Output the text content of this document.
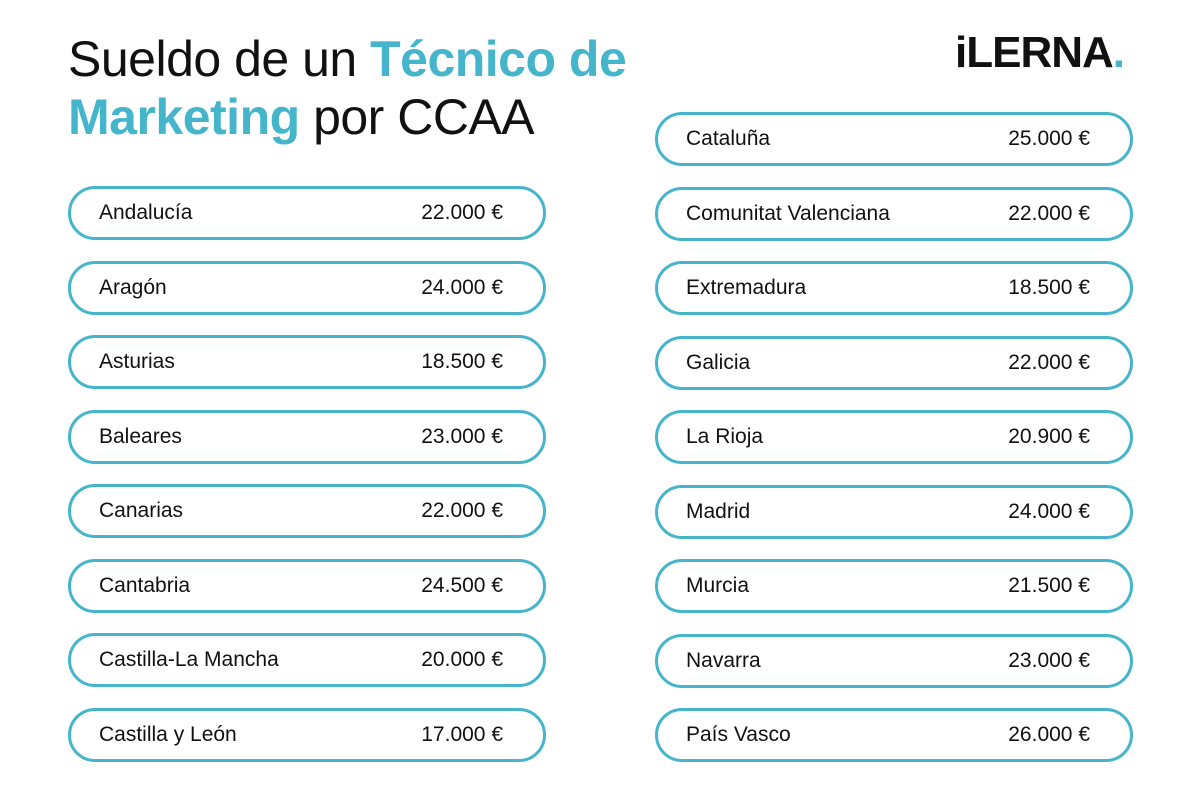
Sueldo de un Técnico de
Marketing por CCAA
iLERNA.
Andalucía	22.000 €
Aragón	24.000 €
Asturias	18.500 €
Baleares	23.000 €
Canarias	22.000 €
Cantabria	24.500 €
Castilla-La Mancha	20.000 €
Castilla y León	17.000 €
Cataluña	25.000 €
Comunitat Valenciana	22.000 €
Extremadura	18.500 €
Galicia	22.000 €
La Rioja	20.900 €
Madrid	24.000 €
Murcia	21.500 €
Navarra	23.000 €
País Vasco	26.000 €
